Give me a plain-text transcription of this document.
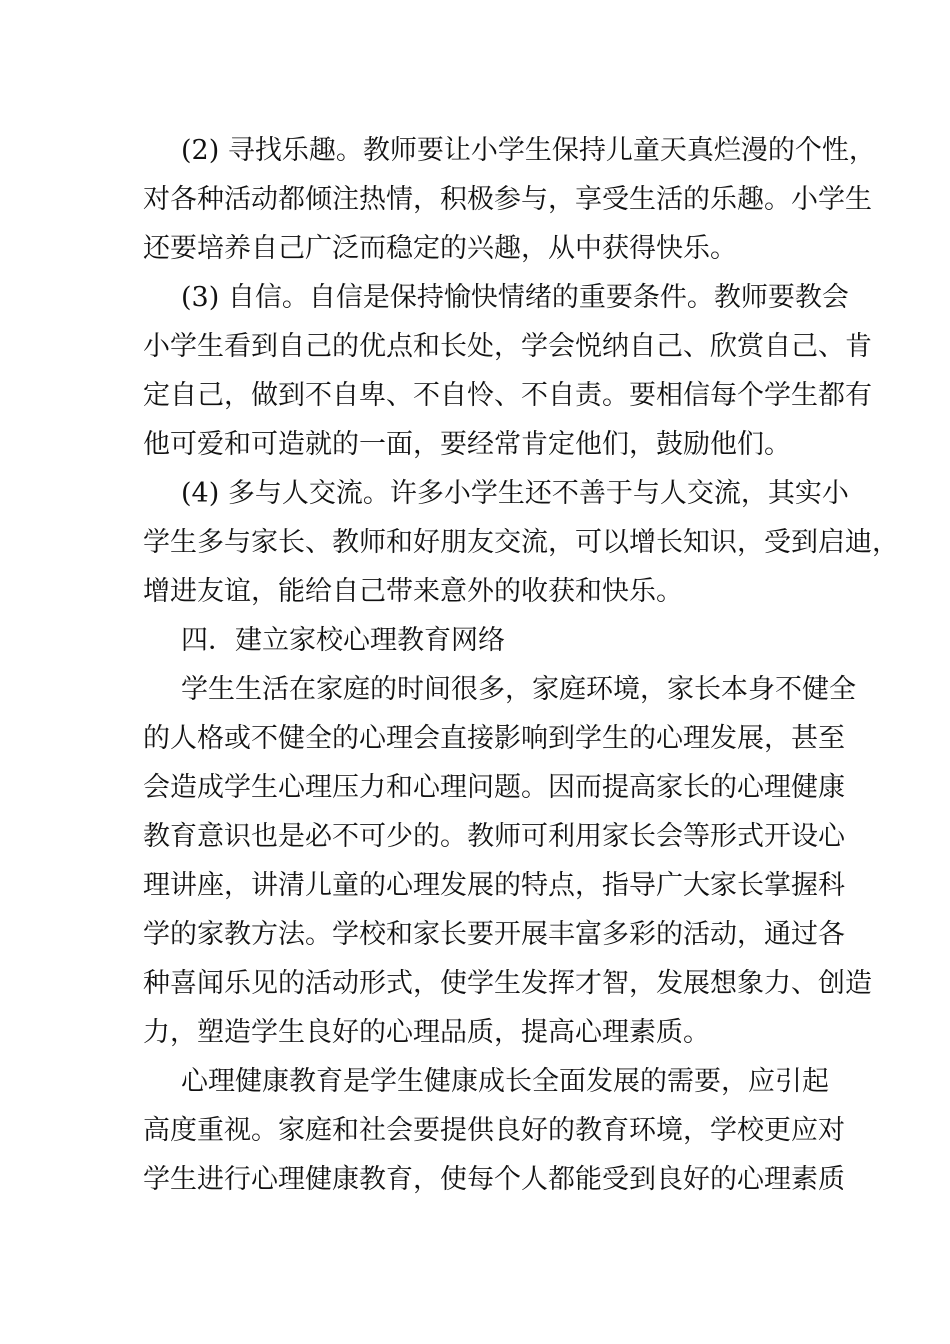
(2) 寻找乐趣。教师要让小学生保持儿童天真烂漫的个性，
对各种活动都倾注热情，积极参与，享受生活的乐趣。小学生
还要培养自己广泛而稳定的兴趣，从中获得快乐。
(3) 自信。自信是保持愉快情绪的重要条件。教师要教会
小学生看到自己的优点和长处，学会悦纳自己、欣赏自己、肯
定自己，做到不自卑、不自怜、不自责。要相信每个学生都有
他可爱和可造就的一面，要经常肯定他们，鼓励他们。
(4) 多与人交流。许多小学生还不善于与人交流，其实小
学生多与家长、教师和好朋友交流，可以增长知识，受到启迪，
增进友谊，能给自己带来意外的收获和快乐。
四．建立家校心理教育网络
学生生活在家庭的时间很多，家庭环境，家长本身不健全
的人格或不健全的心理会直接影响到学生的心理发展，甚至
会造成学生心理压力和心理问题。因而提高家长的心理健康
教育意识也是必不可少的。教师可利用家长会等形式开设心
理讲座，讲清儿童的心理发展的特点，指导广大家长掌握科
学的家教方法。学校和家长要开展丰富多彩的活动，通过各
种喜闻乐见的活动形式，使学生发挥才智，发展想象力、创造
力，塑造学生良好的心理品质，提高心理素质。
心理健康教育是学生健康成长全面发展的需要，应引起
高度重视。家庭和社会要提供良好的教育环境，学校更应对
学生进行心理健康教育，使每个人都能受到良好的心理素质
